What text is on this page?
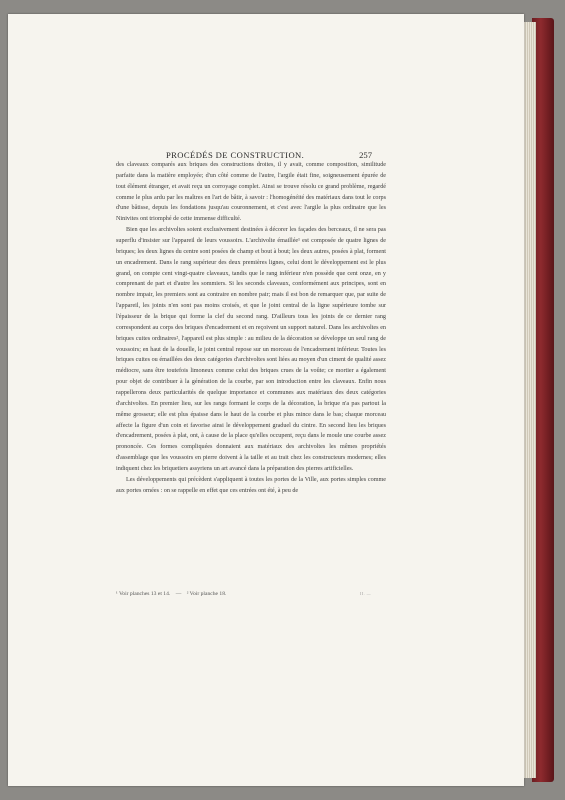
PROCÉDÉS DE CONSTRUCTION.	257

des claveaux comparés aux briques des constructions droites, il y avait, comme composition, similitude parfaite dans la matière employée; d'un côté comme de l'autre, l'argile était fine, soigneusement épurée de tout élément étranger, et avait reçu un corroyage complet. Ainsi se trouve résolu ce grand problème, regardé comme le plus ardu par les maîtres en l'art de bâtir, à savoir : l'homogénéité des matériaux dans tout le corps d'une bâtisse, depuis les fondations jusqu'au couronnement, et c'est avec l'argile la plus ordinaire que les Ninivites ont triomphé de cette immense difficulté.

Bien que les archivoltes soient exclusivement destinées à décorer les façades des berceaux, il ne sera pas superflu d'insister sur l'appareil de leurs voussoirs. L'archivolte émaillée¹ est composée de quatre lignes de briques; les deux lignes du centre sont posées de champ et bout à bout; les deux autres, posées à plat, forment un encadrement. Dans le rang supérieur des deux premières lignes, celui dont le développement est le plus grand, on compte cent vingt-quatre claveaux, tandis que le rang inférieur n'en possède que cent onze, en y comprenant de part et d'autre les sommiers. Si les seconds claveaux, conformément aux principes, sont en nombre impair, les premiers sont au contraire en nombre pair; mais il est bon de remarquer que, par suite de l'appareil, les joints n'en sont pas moins croisés, et que le joint central de la ligne supérieure tombe sur l'épaisseur de la brique qui forme la clef du second rang. D'ailleurs tous les joints de ce dernier rang correspondent au corps des briques d'encadrement et en reçoivent un support naturel. Dans les archivoltes en briques cuites ordinaires², l'appareil est plus simple : au milieu de la décoration se développe un seul rang de voussoirs; en haut de la douelle, le joint central repose sur un morceau de l'encadrement inférieur. Toutes les briques cuites ou émaillées des deux catégories d'archivoltes sont liées au moyen d'un ciment de qualité assez médiocre, sans être toutefois limoneux comme celui des briques crues de la voûte; ce mortier a également pour objet de contribuer à la génération de la courbe, par son introduction entre les claveaux. Enfin nous rappellerons deux particularités de quelque importance et communes aux matériaux des deux catégories d'archivoltes. En premier lieu, sur les rangs formant le corps de la décoration, la brique n'a pas partout la même grosseur; elle est plus épaisse dans le haut de la courbe et plus mince dans le bas; chaque morceau affecte la figure d'un coin et favorise ainsi le développement graduel du cintre. En second lieu les briques d'encadrement, posées à plat, ont, à cause de la place qu'elles occupent, reçu dans le moule une courbe assez prononcée. Ces formes compliquées donnaient aux matériaux des archivoltes les mêmes propriétés d'assemblage que les voussoirs en pierre doivent à la taille et au trait chez les constructeurs modernes; elles indiquent chez les briquetiers assyriens un art avancé dans la préparation des pierres artificielles.

Les développements qui précèdent s'appliquent à toutes les portes de la Ville, aux portes simples comme aux portes ornées : on se rappelle en effet que ces entrées ont été, à peu de

¹ Voir planches 13 et 14. — ² Voir planche 18.	II. —
